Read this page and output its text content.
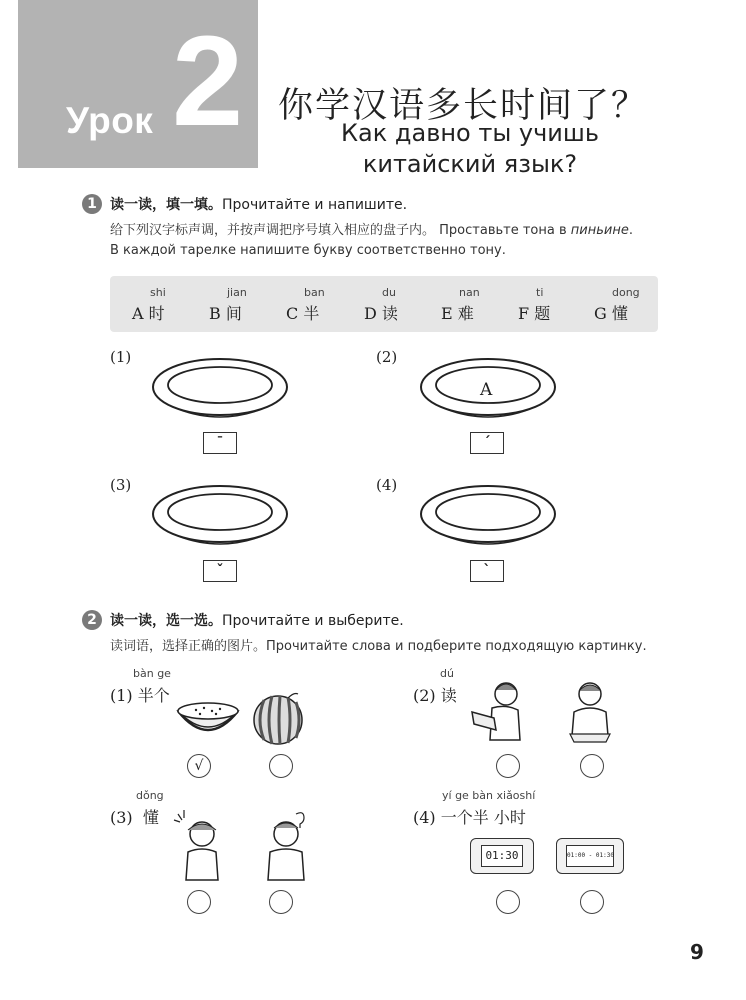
Урок 2 你学汉语多长时间了？
Как давно ты учишь
китайский язык?
1 读一读，填一填。Прочитайте и напишите.
给下列汉字标声调，并按声调把序号填入相应的盘子内。 Проставьте тона в пиньине.
В каждой тарелке напишите букву соответственно тону.
shi
A 时
jian
B 间
ban
C 半
du
D 读
nan
E 难
ti
F 题
dong
G 懂
(1)
ˉ
(2)
A
ˊ
(3)
ˇ
(4)
ˋ
2 读一读，选一选。Прочитайте и выберите.
读词语，选择正确的图片。Прочитайте слова и подберите подходящую картинку.
bàn ge
(1) 半个
√
dú
(2) 读
dǒng
(3) 懂
yí ge bàn xiǎoshí
(4) 一个半 小时
01:30	01:00 - 01:30
9
